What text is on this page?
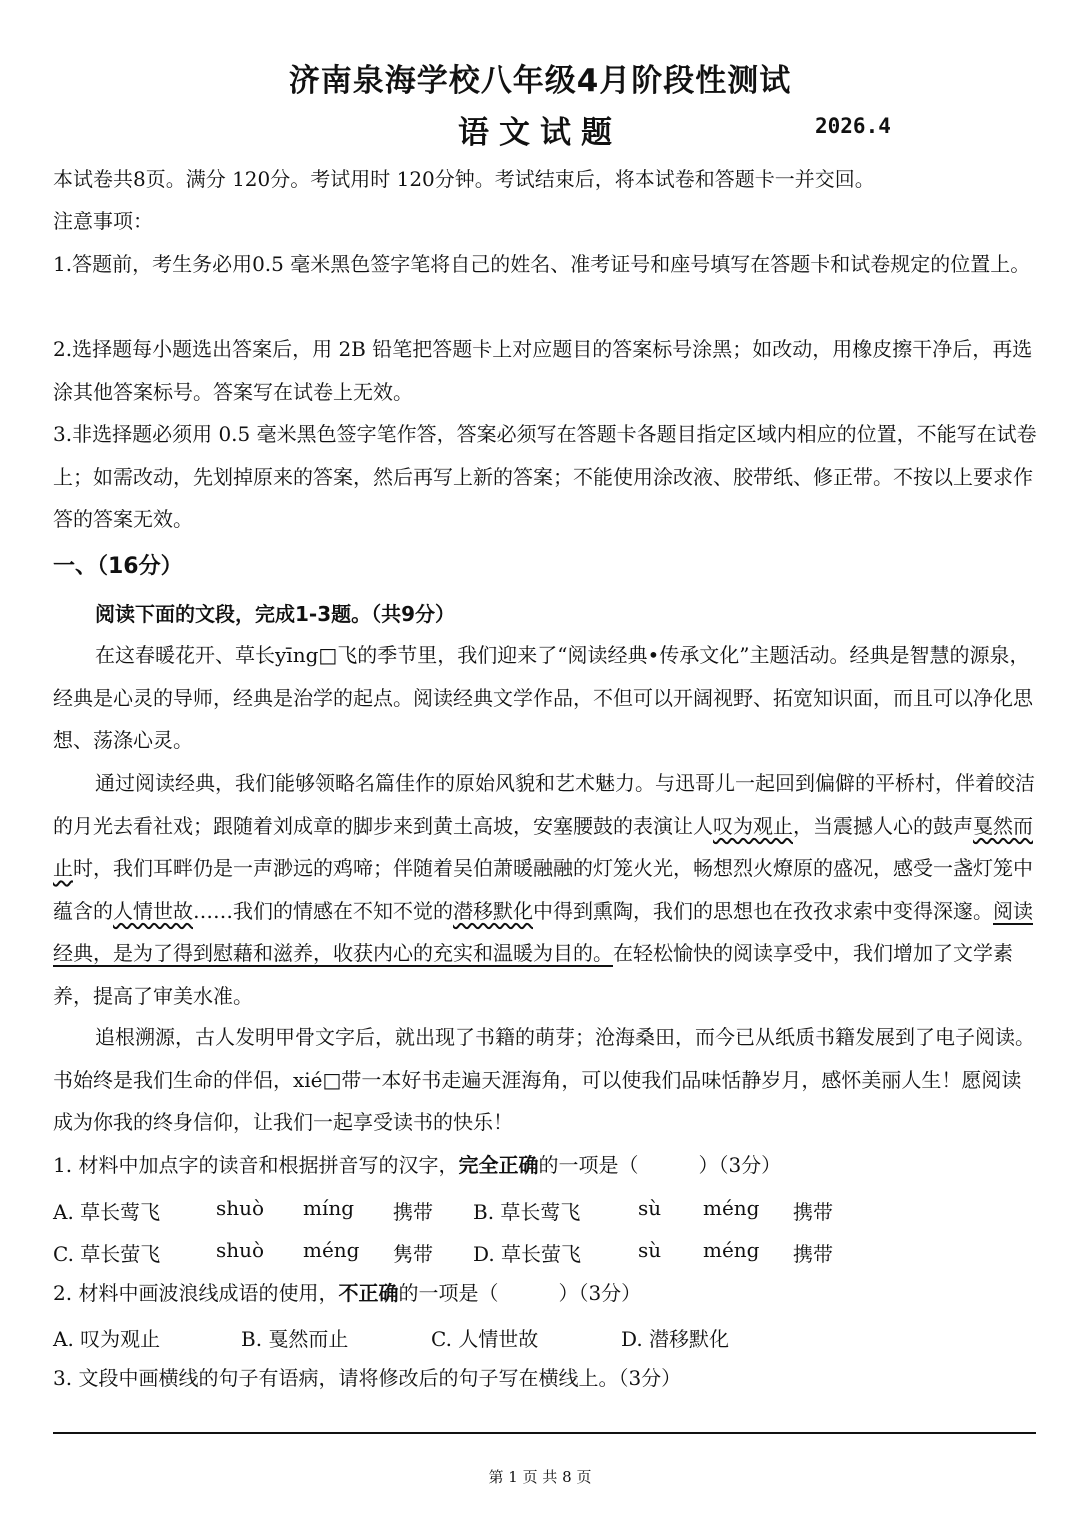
济南泉海学校八年级4月阶段性测试
语文试题	2026.4
本试卷共8页。满分 120分。考试用时 120分钟。考试结束后，将本试卷和答题卡一并交回。
注意事项：
1.答题前，考生务必用0.5 毫米黑色签字笔将自己的姓名、准考证号和座号填写在答题卡和试卷规定的位置上。
2.选择题每小题选出答案后，用 2B 铅笔把答题卡上对应题目的答案标号涂黑；如改动，用橡皮擦干净后，再选涂其他答案标号。答案写在试卷上无效。
3.非选择题必须用 0.5 毫米黑色签字笔作答，答案必须写在答题卡各题目指定区域内相应的位置，不能写在试卷上；如需改动，先划掉原来的答案，然后再写上新的答案；不能使用涂改液、胶带纸、修正带。不按以上要求作答的答案无效。
一、（16分）
阅读下面的文段，完成1-3题。（共9分）
在这春暖花开、草长yīng□飞的季节里，我们迎来了“阅读经典•传承文化”主题活动。经典是智慧的源泉，经典是心灵的导师，经典是治学的起点。阅读经典文学作品，不但可以开阔视野、拓宽知识面，而且可以净化思想、荡涤心灵。
通过阅读经典，我们能够领略名篇佳作的原始风貌和艺术魅力。与迅哥儿一起回到偏僻的平桥村，伴着皎洁的月光去看社戏；跟随着刘成章的脚步来到黄土高坡，安塞腰鼓的表演让人叹为观止，当震撼人心的鼓声戛然而止时，我们耳畔仍是一声渺远的鸡啼；伴随着吴伯萧暖融融的灯笼火光，畅想烈火燎原的盛况，感受一盏灯笼中蕴含的人情世故……我们的情感在不知不觉的潜移默化中得到熏陶，我们的思想也在孜孜求索中变得深邃。阅读经典，是为了得到慰藉和滋养，收获内心的充实和温暖为目的。在轻松愉快的阅读享受中，我们增加了文学素养，提高了审美水准。
追根溯源，古人发明甲骨文字后，就出现了书籍的萌芽；沧海桑田，而今已从纸质书籍发展到了电子阅读。书始终是我们生命的伴侣，xié□带一本好书走遍天涯海角，可以使我们品味恬静岁月，感怀美丽人生！愿阅读成为你我的终身信仰，让我们一起享受读书的快乐！
1. 材料中加点字的读音和根据拼音写的汉字，完全正确的一项是（　　　）（3分）
A. 草长莺飞	shuò míng 携带 B. 草长莺飞	sù méng 携带
C. 草长萤飞	shuò méng 隽带 D. 草长萤飞	sù méng 携带
2. 材料中画波浪线成语的使用，不正确的一项是（　　　）（3分）
A. 叹为观止	B. 戛然而止	C. 人情世故	D. 潜移默化
3. 文段中画横线的句子有语病，请将修改后的句子写在横线上。（3分）
第 1 页 共 8 页
